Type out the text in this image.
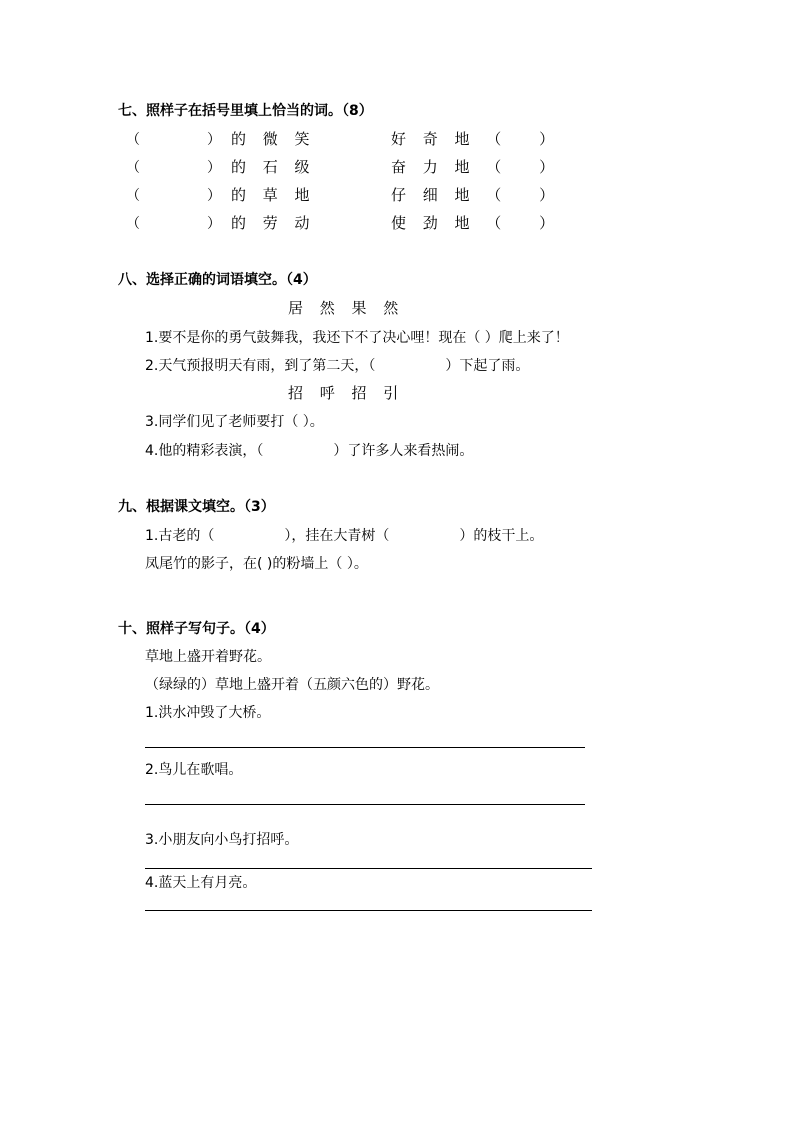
七、照样子在括号里填上恰当的词。（8）
（	） 的 微 笑	好 奇 地 （　 ）
（	） 的 石 级	奋 力 地 （　 ）
（	） 的 草 地	仔 细 地 （　 ）
（	） 的 劳 动	使 劲 地 （　 ）
八、选择正确的词语填空。（4）
居 然 果 然
1.要不是你的勇气鼓舞我，我还下不了决心哩！现在（ ）爬上来了！
2.天气预报明天有雨，到了第二天，（　　　　　）下起了雨。
招 呼 招 引
3.同学们见了老师要打（ ）。
4.他的精彩表演，（　　　　　）了许多人来看热闹。
九、根据课文填空。（3）
1.古老的（　　　　　），挂在大青树（　　　　　）的枝干上。
凤尾竹的影子，在( )的粉墙上（ ）。
十、照样子写句子。（4）
草地上盛开着野花。
（绿绿的）草地上盛开着（五颜六色的）野花。
1.洪水冲毁了大桥。
2.鸟儿在歌唱。
3.小朋友向小鸟打招呼。
4.蓝天上有月亮。
